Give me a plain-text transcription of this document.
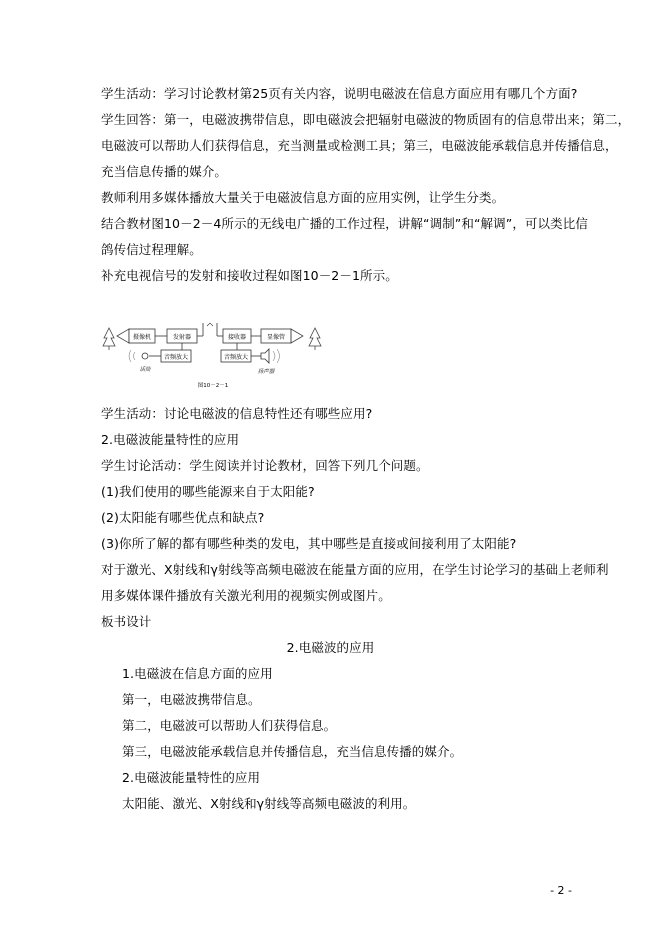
学生活动：学习讨论教材第25页有关内容，说明电磁波在信息方面应用有哪几个方面?
学生回答：第一，电磁波携带信息，即电磁波会把辐射电磁波的物质固有的信息带出来；第二，
电磁波可以帮助人们获得信息，充当测量或检测工具；第三，电磁波能承载信息并传播信息，
充当信息传播的媒介。
教师利用多媒体播放大量关于电磁波信息方面的应用实例，让学生分类。
结合教材图10－2－4所示的无线电广播的工作过程，讲解“调制”和“解调”，可以类比信
鸽传信过程理解。
补充电视信号的发射和接收过程如图10－2－1所示。
摄像机	发射器	接收器	显像管
音频放大
话筒
音频放大
扬声器
图10－2－1
学生活动：讨论电磁波的信息特性还有哪些应用?
2.电磁波能量特性的应用
学生讨论活动：学生阅读并讨论教材，回答下列几个问题。
(1)我们使用的哪些能源来自于太阳能?
(2)太阳能有哪些优点和缺点?
(3)你所了解的都有哪些种类的发电，其中哪些是直接或间接利用了太阳能?
对于激光、X射线和γ射线等高频电磁波在能量方面的应用，在学生讨论学习的基础上老师利
用多媒体课件播放有关激光利用的视频实例或图片。
板书设计
2.电磁波的应用
1.电磁波在信息方面的应用
第一，电磁波携带信息。
第二，电磁波可以帮助人们获得信息。
第三，电磁波能承载信息并传播信息，充当信息传播的媒介。
2.电磁波能量特性的应用
太阳能、激光、X射线和γ射线等高频电磁波的利用。
- 2 -
